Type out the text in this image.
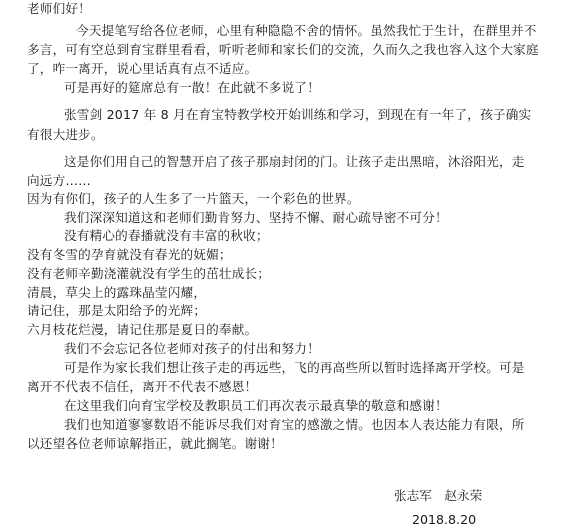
老师们好！
今天提笔写给各位老师，心里有种隐隐不舍的情怀。虽然我忙于生计，在群里并不
多言，可有空总到育宝群里看看，听听老师和家长们的交流，久而久之我也容入这个大家庭
了，咋一离开，说心里话真有点不适应。
可是再好的筵席总有一散！在此就不多说了！
张雪剑 2017 年 8 月在育宝特教学校开始训练和学习，到现在有一年了，孩子确实
有很大进步。
这是你们用自己的智慧开启了孩子那扇封闭的门。让孩子走出黑暗，沐浴阳光，走
向远方……
因为有你们，孩子的人生多了一片篮天，一个彩色的世界。
我们深深知道这和老师们勤肯努力、坚持不懈、耐心疏导密不可分！
没有精心的春播就没有丰富的秋收；
没有冬雪的孕育就没有春光的妩媚；
没有老师辛勤浇灌就没有学生的茁壮成长；
清晨，草尖上的露珠晶莹闪耀，
请记住，那是太阳给予的光辉；
六月枝花烂漫，请记住那是夏日的奉献。
我们不会忘记各位老师对孩子的付出和努力！
可是作为家长我们想让孩子走的再远些，飞的再高些所以暂时选择离开学校。可是
离开不代表不信任，离开不代表不感恩！
在这里我们向育宝学校及教职员工们再次表示最真挚的敬意和感谢！
我们也知道寥寥数语不能诉尽我们对育宝的感激之情。也因本人表达能力有限，所
以还望各位老师谅解指正，就此搁笔。谢谢！
张志军　赵永荣
2018.8.20
